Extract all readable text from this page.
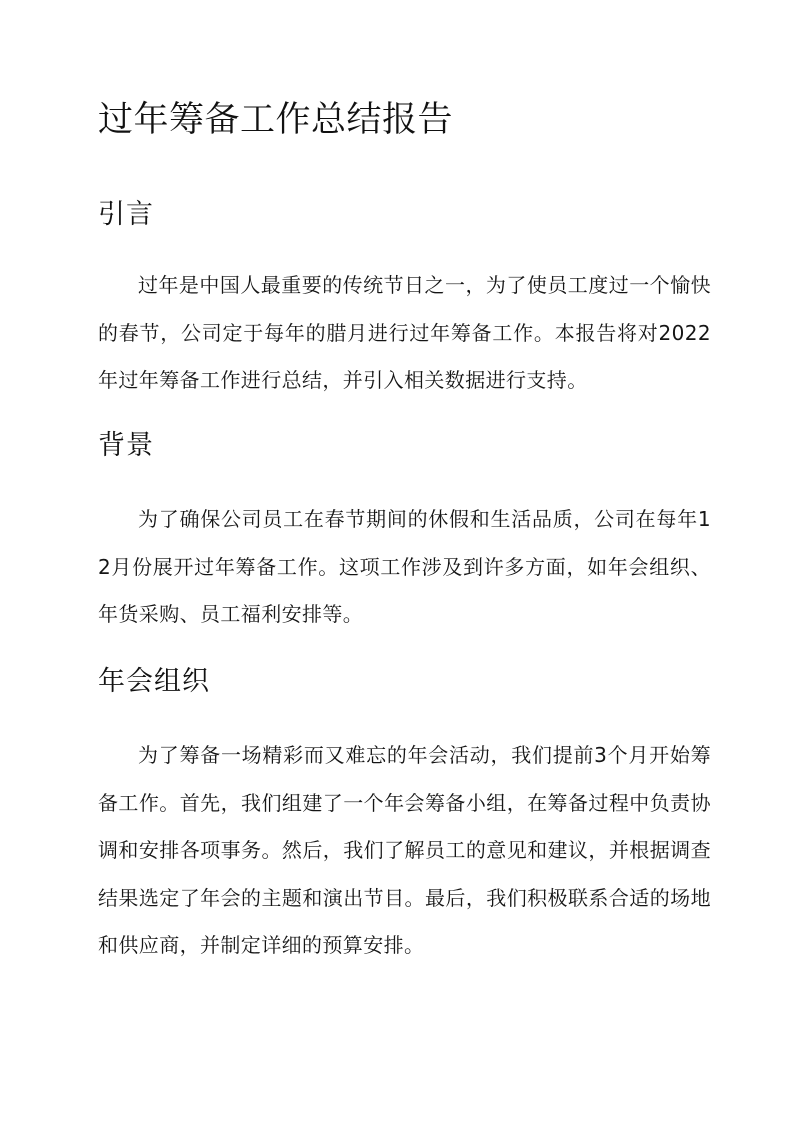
过年筹备工作总结报告
引言

过年是中国人最重要的传统节日之一，为了使员工度过一个愉快的春节，公司定于每年的腊月进行过年筹备工作。本报告将对2022年过年筹备工作进行总结，并引入相关数据进行支持。

背景

为了确保公司员工在春节期间的休假和生活品质，公司在每年12月份展开过年筹备工作。这项工作涉及到许多方面，如年会组织、年货采购、员工福利安排等。

年会组织

为了筹备一场精彩而又难忘的年会活动，我们提前3个月开始筹备工作。首先，我们组建了一个年会筹备小组，在筹备过程中负责协调和安排各项事务。然后，我们了解员工的意见和建议，并根据调查结果选定了年会的主题和演出节目。最后，我们积极联系合适的场地和供应商，并制定详细的预算安排。
